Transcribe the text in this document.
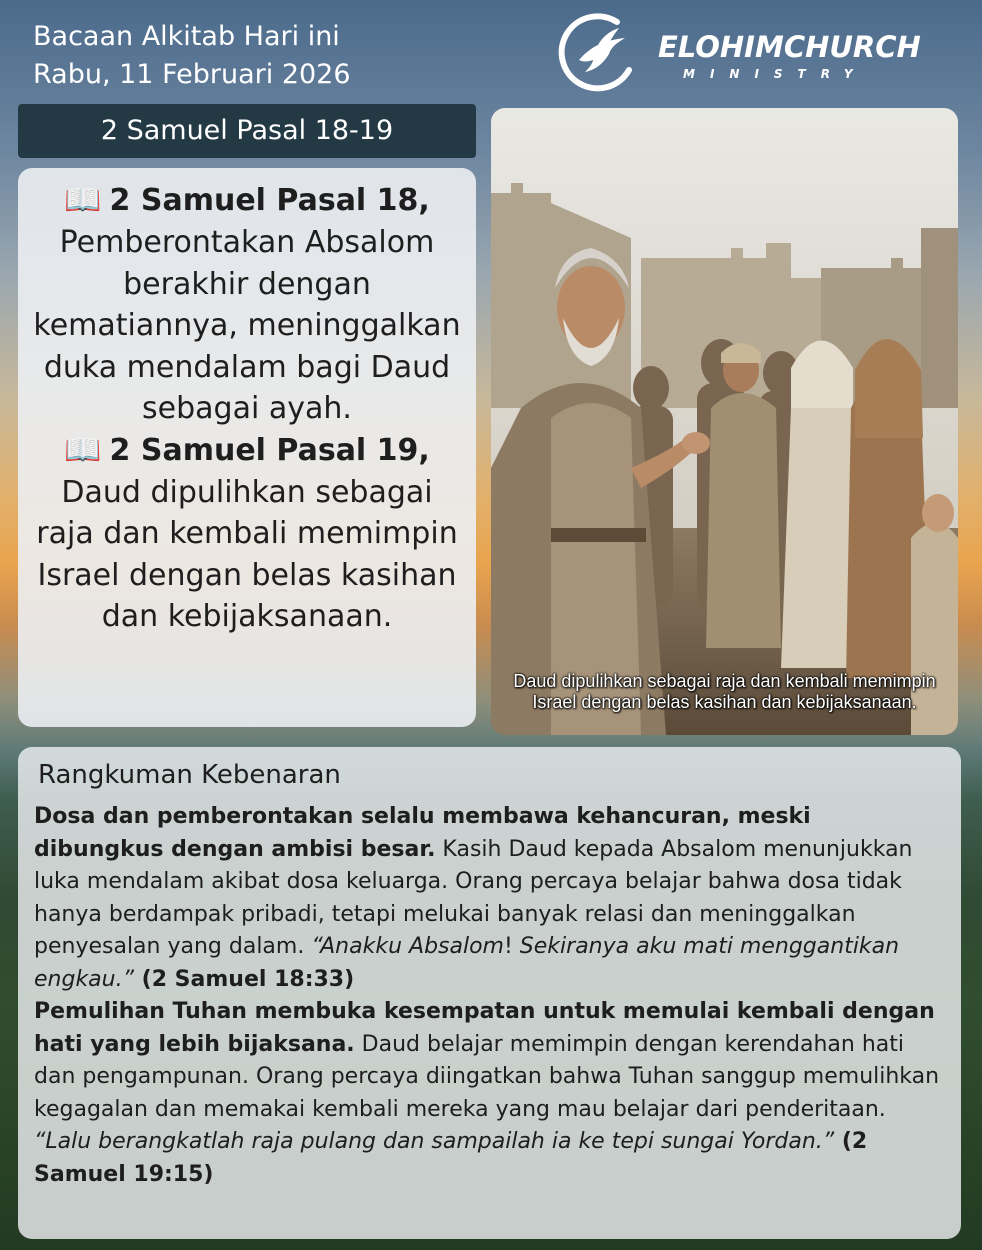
Bacaan Alkitab Hari ini
Rabu, 11 Februari 2026
ELOHIMCHURCH
MINISTRY
2 Samuel Pasal 18-19
📖 2 Samuel Pasal 18,
Pemberontakan Absalom berakhir dengan kematiannya, meninggalkan duka mendalam bagi Daud sebagai ayah.
📖 2 Samuel Pasal 19,
Daud dipulihkan sebagai raja dan kembali memimpin Israel dengan belas kasihan dan kebijaksanaan.
Daud dipulihkan sebagai raja dan kembali memimpin Israel dengan belas kasihan dan kebijaksanaan.
Rangkuman Kebenaran

Dosa dan pemberontakan selalu membawa kehancuran, meski dibungkus dengan ambisi besar. Kasih Daud kepada Absalom menunjukkan luka mendalam akibat dosa keluarga. Orang percaya belajar bahwa dosa tidak hanya berdampak pribadi, tetapi melukai banyak relasi dan meninggalkan penyesalan yang dalam. “Anakku Absalom! Sekiranya aku mati menggantikan engkau.” (2 Samuel 18:33)

Pemulihan Tuhan membuka kesempatan untuk memulai kembali dengan hati yang lebih bijaksana. Daud belajar memimpin dengan kerendahan hati dan pengampunan. Orang percaya diingatkan bahwa Tuhan sanggup memulihkan kegagalan dan memakai kembali mereka yang mau belajar dari penderitaan. “Lalu berangkatlah raja pulang dan sampailah ia ke tepi sungai Yordan.” (2 Samuel 19:15)
